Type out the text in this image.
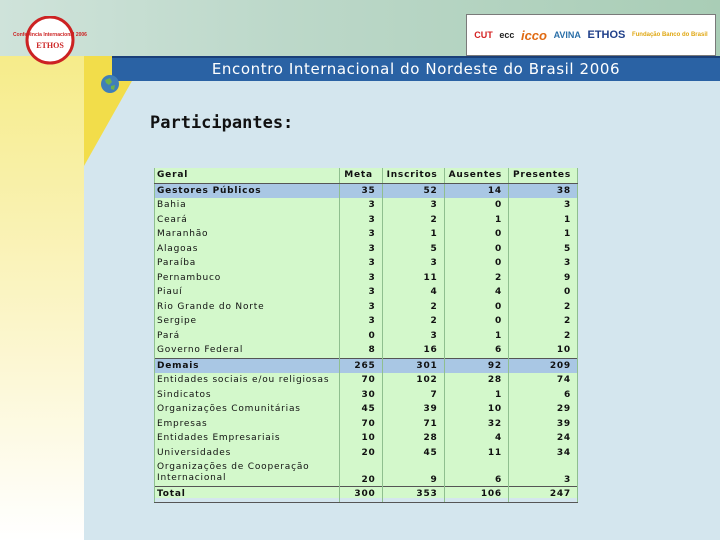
Conferência Internacional 2006
ETHOS
CUT ecc icco AVINA ETHOS Fundação Banco do Brasil
Encontro Internacional do Nordeste do Brasil 2006
Participantes:
Geral	Meta	Inscritos	Ausentes	Presentes
Gestores Públicos	35	52	14	38
Bahia	3	3	0	3
Ceará	3	2	1	1
Maranhão	3	1	0	1
Alagoas	3	5	0	5
Paraíba	3	3	0	3
Pernambuco	3	11	2	9
Piauí	3	4	4	0
Rio Grande do Norte	3	2	0	2
Sergipe	3	2	0	2
Pará	0	3	1	2
Governo Federal	8	16	6	10
Demais	265	301	92	209
Entidades sociais e/ou religiosas	70	102	28	74
Sindicatos	30	7	1	6
Organizações Comunitárias	45	39	10	29
Empresas	70	71	32	39
Entidades Empresariais	10	28	4	24
Universidades	20	45	11	34
Organizações de Cooperação Internacional	20	9	6	3
Total	300	353	106	247
